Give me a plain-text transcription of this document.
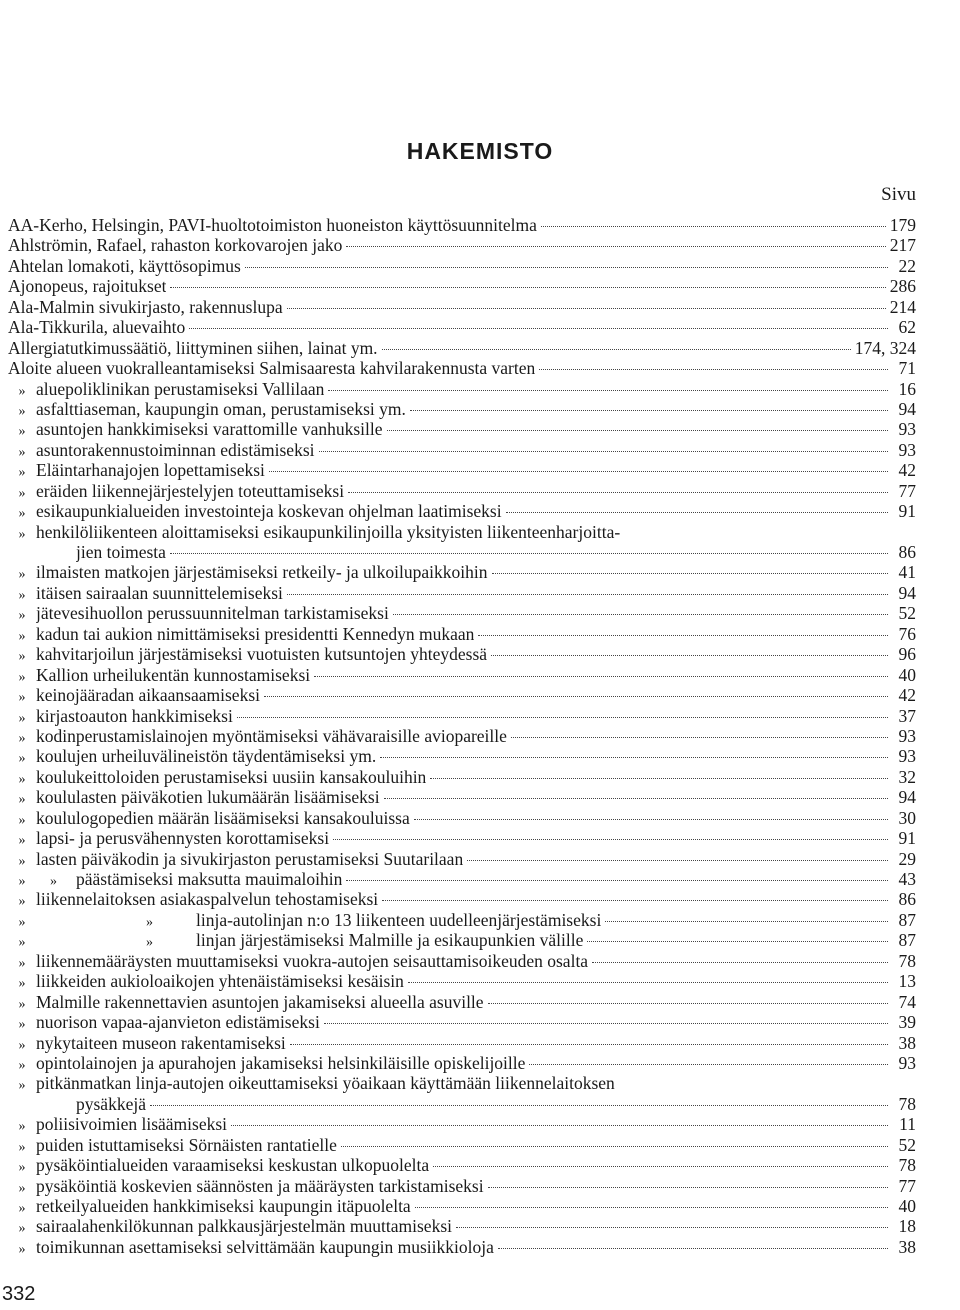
HAKEMISTO
Sivu
AA-Kerho, Helsingin, PAVI-huoltotoimiston huoneiston käyttösuunnitelma	179
Ahlströmin, Rafael, rahaston korkovarojen jako	217
Ahtelan lomakoti, käyttösopimus	22
Ajonopeus, rajoitukset	286
Ala-Malmin sivukirjasto, rakennuslupa	214
Ala-Tikkurila, aluevaihto	62
Allergiatutkimussäätiö, liittyminen siihen, lainat ym.	174, 324
Aloite alueen vuokralleantamiseksi Salmisaaresta kahvilarakennusta varten	71
» aluepoliklinikan perustamiseksi Vallilaan	16
» asfalttiaseman, kaupungin oman, perustamiseksi ym.	94
» asuntojen hankkimiseksi varattomille vanhuksille	93
» asuntorakennustoiminnan edistämiseksi	93
» Eläintarhanajojen lopettamiseksi	42
» eräiden liikennejärjestelyjen toteuttamiseksi	77
» esikaupunkialueiden investointeja koskevan ohjelman laatimiseksi	91
» henkilöliikenteen aloittamiseksi esikaupunkilinjoilla yksityisten liikenteenharjoitta-
jien toimesta	86
» ilmaisten matkojen järjestämiseksi retkeily- ja ulkoilupaikkoihin	41
» itäisen sairaalan suunnittelemiseksi	94
» jätevesihuollon perussuunnitelman tarkistamiseksi	52
» kadun tai aukion nimittämiseksi presidentti Kennedyn mukaan	76
» kahvitarjoilun järjestämiseksi vuotuisten kutsuntojen yhteydessä	96
» Kallion urheilukentän kunnostamiseksi	40
» keinojääradan aikaansaamiseksi	42
» kirjastoauton hankkimiseksi	37
» kodinperustamislainojen myöntämiseksi vähävaraisille aviopareille	93
» koulujen urheiluvälineistön täydentämiseksi ym.	93
» koulukeittoloiden perustamiseksi uusiin kansakouluihin	32
» koululasten päiväkotien lukumäärän lisäämiseksi	94
» koululogopedien määrän lisäämiseksi kansakouluissa	30
» lapsi- ja perusvähennysten korottamiseksi	91
» lasten päiväkodin ja sivukirjaston perustamiseksi Suutarilaan	29
»	»	päästämiseksi maksutta mauimaloihin	43
» liikennelaitoksen asiakaspalvelun tehostamiseksi	86
»	»	linja-autolinjan n:o 13 liikenteen uudelleenjärjestämiseksi	87
»	»	linjan järjestämiseksi Malmille ja esikaupunkien välille	87
» liikennemääräysten muuttamiseksi vuokra-autojen seisauttamisoikeuden osalta	78
» liikkeiden aukioloaikojen yhtenäistämiseksi kesäisin	13
» Malmille rakennettavien asuntojen jakamiseksi alueella asuville	74
» nuorison vapaa-ajanvieton edistämiseksi	39
» nykytaiteen museon rakentamiseksi	38
» opintolainojen ja apurahojen jakamiseksi helsinkiläisille opiskelijoille	93
» pitkänmatkan linja-autojen oikeuttamiseksi yöaikaan käyttämään liikennelaitoksen
pysäkkejä	78
» poliisivoimien lisäämiseksi	11
» puiden istuttamiseksi Sörnäisten rantatielle	52
» pysäköintialueiden varaamiseksi keskustan ulkopuolelta	78
» pysäköintiä koskevien säännösten ja määräysten tarkistamiseksi	77
» retkeilyalueiden hankkimiseksi kaupungin itäpuolelta	40
» sairaalahenkilökunnan palkkausjärjestelmän muuttamiseksi	18
» toimikunnan asettamiseksi selvittämään kaupungin musiikkioloja	38
332
